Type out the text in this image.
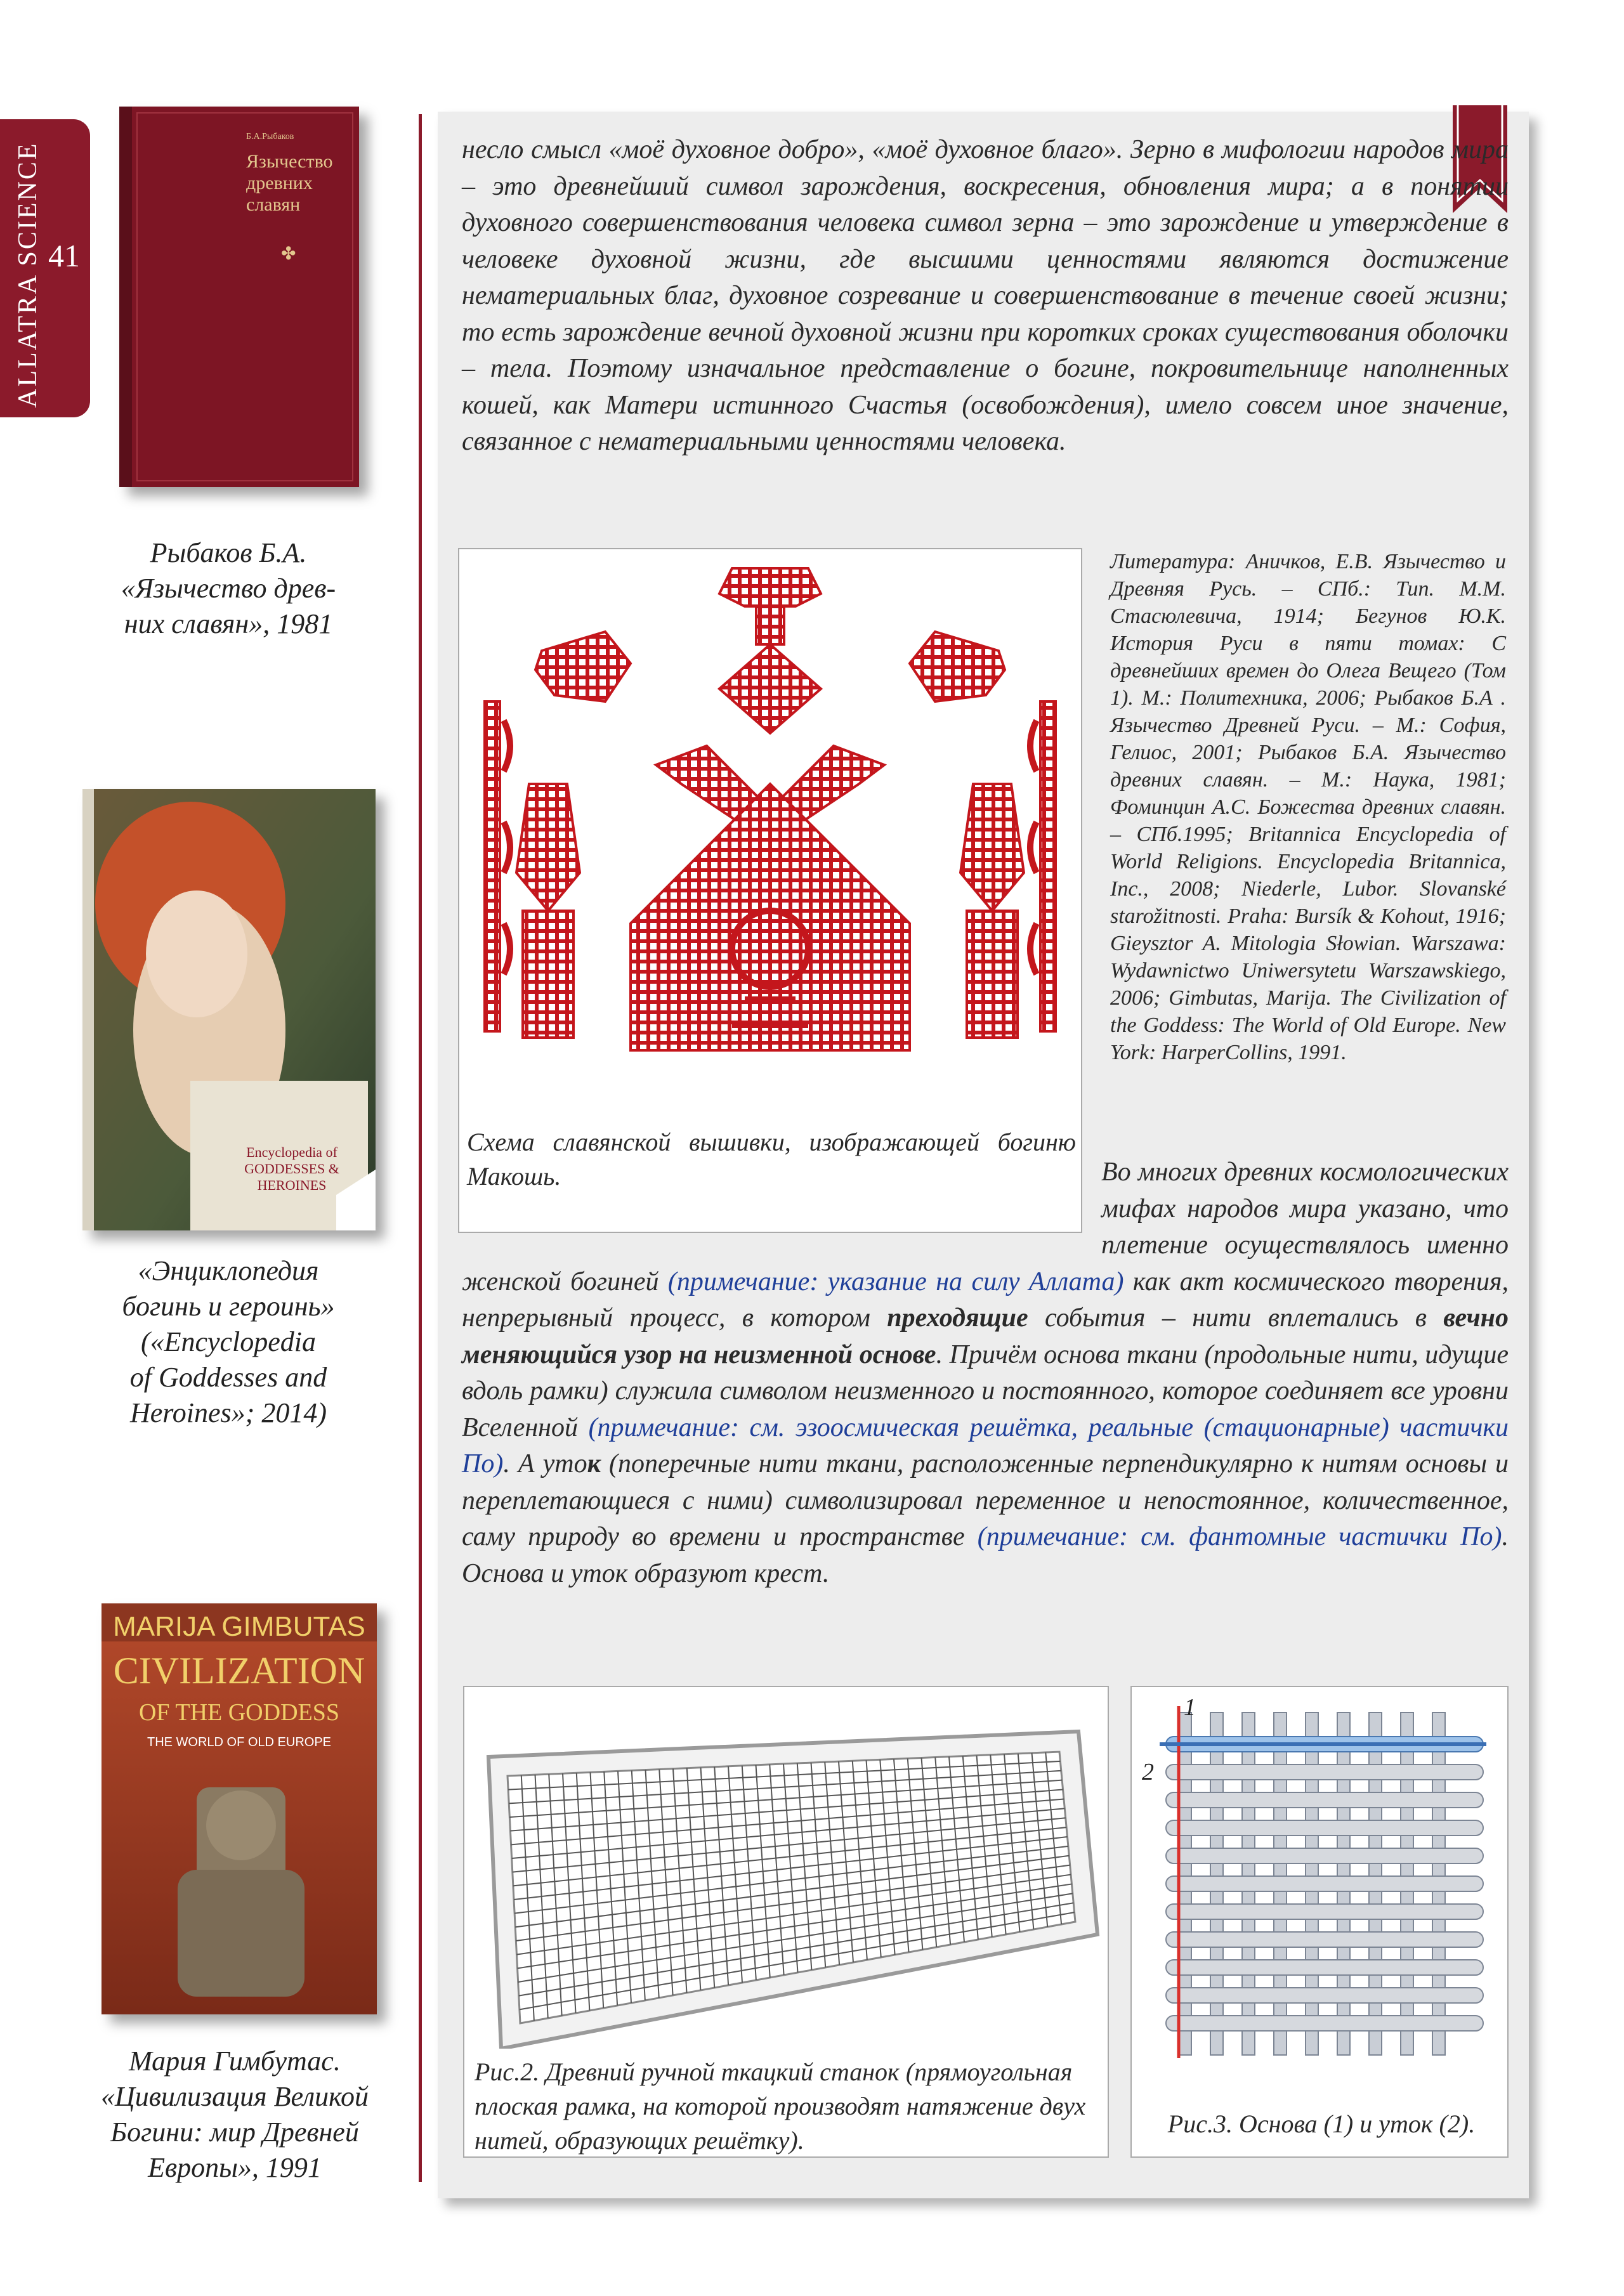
ALLATRA SCIENCE 41
Б.А.Рыбаков
Язычество древних славян
✤
Рыбаков Б.А.
«Язычество древ-
них славян», 1981
Encyclopedia of GODDESSES & HEROINES
«Энциклопедия
богинь и героинь»
(«Encyclopedia
of Goddesses and
Heroines»; 2014)
MARIJA GIMBUTAS
CIVILIZATION
OF THE GODDESS
THE WORLD OF OLD EUROPE
Мария Гимбутас.
«Цивилизация Великой
Богини: мир Древней
Европы», 1991
несло смысл «моё духовное добро», «моё духовное благо». Зерно в мифологии народов мира – это древнейший символ зарождения, воскресения, обновления мира; а в понятии духовного совершенствования человека символ зерна – это зарождение и утверждение в человеке духовной жизни, где высшими ценностями являются достижение нематериальных благ, духовное созревание и совершенствование в течение своей жизни; то есть зарождение вечной духовной жизни при коротких сроках существования оболочки – тела. Поэтому изначальное представление о богине, покровительнице наполненных кошей, как Матери истинного Счастья (освобождения), имело совсем иное значение, связанное с нематериальными ценностями человека.
Схема славянской вышивки, изображающей богиню Макошь.
Литература: Аничков, Е.В. Язычество и Древняя Русь. – СПб.: Тип. М.М. Стасюлевича, 1914; Бегунов Ю.К. История Руси в пяти томах: С древнейших времен до Олега Вещего (Том 1). М.: Политехника, 2006; Рыбаков Б.А . Язычество Древней Руси. – М.: София, Гелиос, 2001; Рыбаков Б.А. Язычество древних славян. – М.: Наука, 1981; Фоминцин А.С. Божества древних славян. – СПб.1995; Britannica Encyclopedia of World Religions. Encyclopedia Britannica, Inc., 2008; Niederle, Lubor. Slovanské starožitnosti. Praha: Bursík & Kohout, 1916; Gieysztor A. Mitologia Słowian. Warszawa: Wydawnictwo Uniwersytetu Warszawskiego, 2006; Gimbutas, Marija. The Civilization of the Goddess: The World of Old Europe. New York: HarperCollins, 1991.
Во многих древних космологических мифах народов мира указано, что плетение осуществлялось именно женской богиней (примечание: указание на силу Аллата) как акт космического творения, непрерывный процесс, в котором преходящие события – нити вплетались в вечно меняющийся узор на неизменной основе. Причём основа ткани (продольные нити, идущие вдоль рамки) служила символом неизменного и постоянного, которое соединяет все уровни Вселенной (примечание: см. эзоосмическая решётка, реальные (стационарные) частички По). А уток (поперечные нити ткани, расположенные перпендикулярно к нитям основы и переплетающиеся с ними) символизировал переменное и непостоянное, количественное, саму природу во времени и пространстве (примечание: см. фантомные частички По). Основа и уток образуют крест.
Рис.2. Древний ручной ткацкий станок (прямоугольная плоская рамка, на которой производят натяжение двух нитей, образующих решётку).
1
2
Рис.3. Основа (1) и уток (2).
